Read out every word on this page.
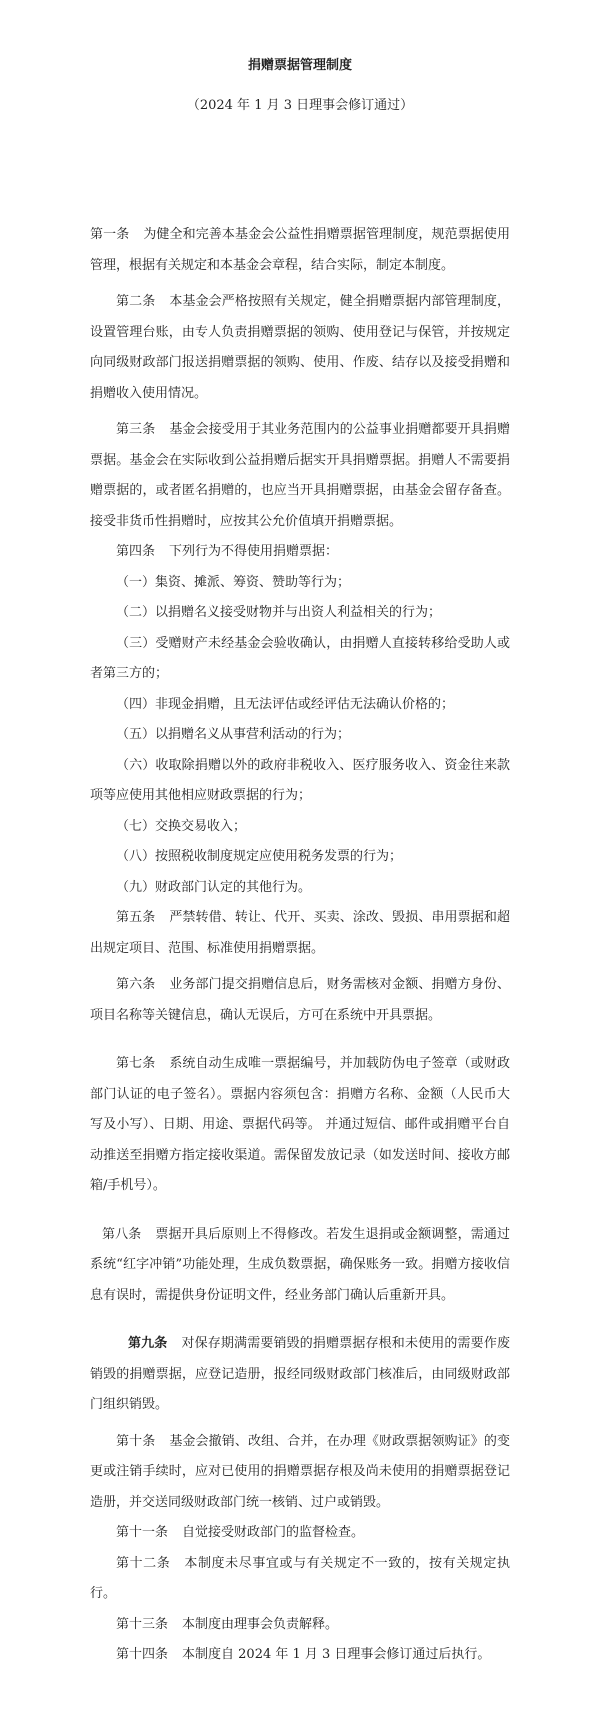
捐赠票据管理制度

（2024 年 1 月 3 日理事会修订通过）

第一条 为健全和完善本基金会公益性捐赠票据管理制度，规范票据使用管理，根据有关规定和本基金会章程，结合实际，制定本制度。

第二条 本基金会严格按照有关规定，健全捐赠票据内部管理制度，设置管理台账，由专人负责捐赠票据的领购、使用登记与保管，并按规定向同级财政部门报送捐赠票据的领购、使用、作废、结存以及接受捐赠和捐赠收入使用情况。

第三条 基金会接受用于其业务范围内的公益事业捐赠都要开具捐赠票据。基金会在实际收到公益捐赠后据实开具捐赠票据。捐赠人不需要捐赠票据的，或者匿名捐赠的，也应当开具捐赠票据，由基金会留存备查。接受非货币性捐赠时，应按其公允价值填开捐赠票据。

第四条 下列行为不得使用捐赠票据：

（一）集资、摊派、筹资、赞助等行为；

（二）以捐赠名义接受财物并与出资人利益相关的行为；

（三）受赠财产未经基金会验收确认，由捐赠人直接转移给受助人或者第三方的；

（四）非现金捐赠，且无法评估或经评估无法确认价格的；

（五）以捐赠名义从事营利活动的行为；

（六）收取除捐赠以外的政府非税收入、医疗服务收入、资金往来款项等应使用其他相应财政票据的行为；

（七）交换交易收入；

（八）按照税收制度规定应使用税务发票的行为；

（九）财政部门认定的其他行为。

第五条 严禁转借、转让、代开、买卖、涂改、毁损、串用票据和超出规定项目、范围、标准使用捐赠票据。

第六条 业务部门提交捐赠信息后，财务需核对金额、捐赠方身份、项目名称等关键信息，确认无误后，方可在系统中开具票据。

第七条 系统自动生成唯一票据编号，并加载防伪电子签章（或财政部门认证的电子签名）。票据内容须包含：捐赠方名称、金额（人民币大写及小写）、日期、用途、票据代码等。 并通过短信、邮件或捐赠平台自动推送至捐赠方指定接收渠道。需保留发放记录（如发送时间、接收方邮箱/手机号）。

第八条 票据开具后原则上不得修改。若发生退捐或金额调整，需通过系统“红字冲销”功能处理，生成负数票据，确保账务一致。捐赠方接收信息有误时，需提供身份证明文件，经业务部门确认后重新开具。

第九条 对保存期满需要销毁的捐赠票据存根和未使用的需要作废销毁的捐赠票据，应登记造册，报经同级财政部门核准后，由同级财政部门组织销毁。

第十条 基金会撤销、改组、合并，在办理《财政票据领购证》的变更或注销手续时，应对已使用的捐赠票据存根及尚未使用的捐赠票据登记造册，并交送同级财政部门统一核销、过户或销毁。

第十一条 自觉接受财政部门的监督检查。

第十二条 本制度未尽事宜或与有关规定不一致的，按有关规定执行。

第十三条 本制度由理事会负责解释。

第十四条 本制度自 2024 年 1 月 3 日理事会修订通过后执行。
